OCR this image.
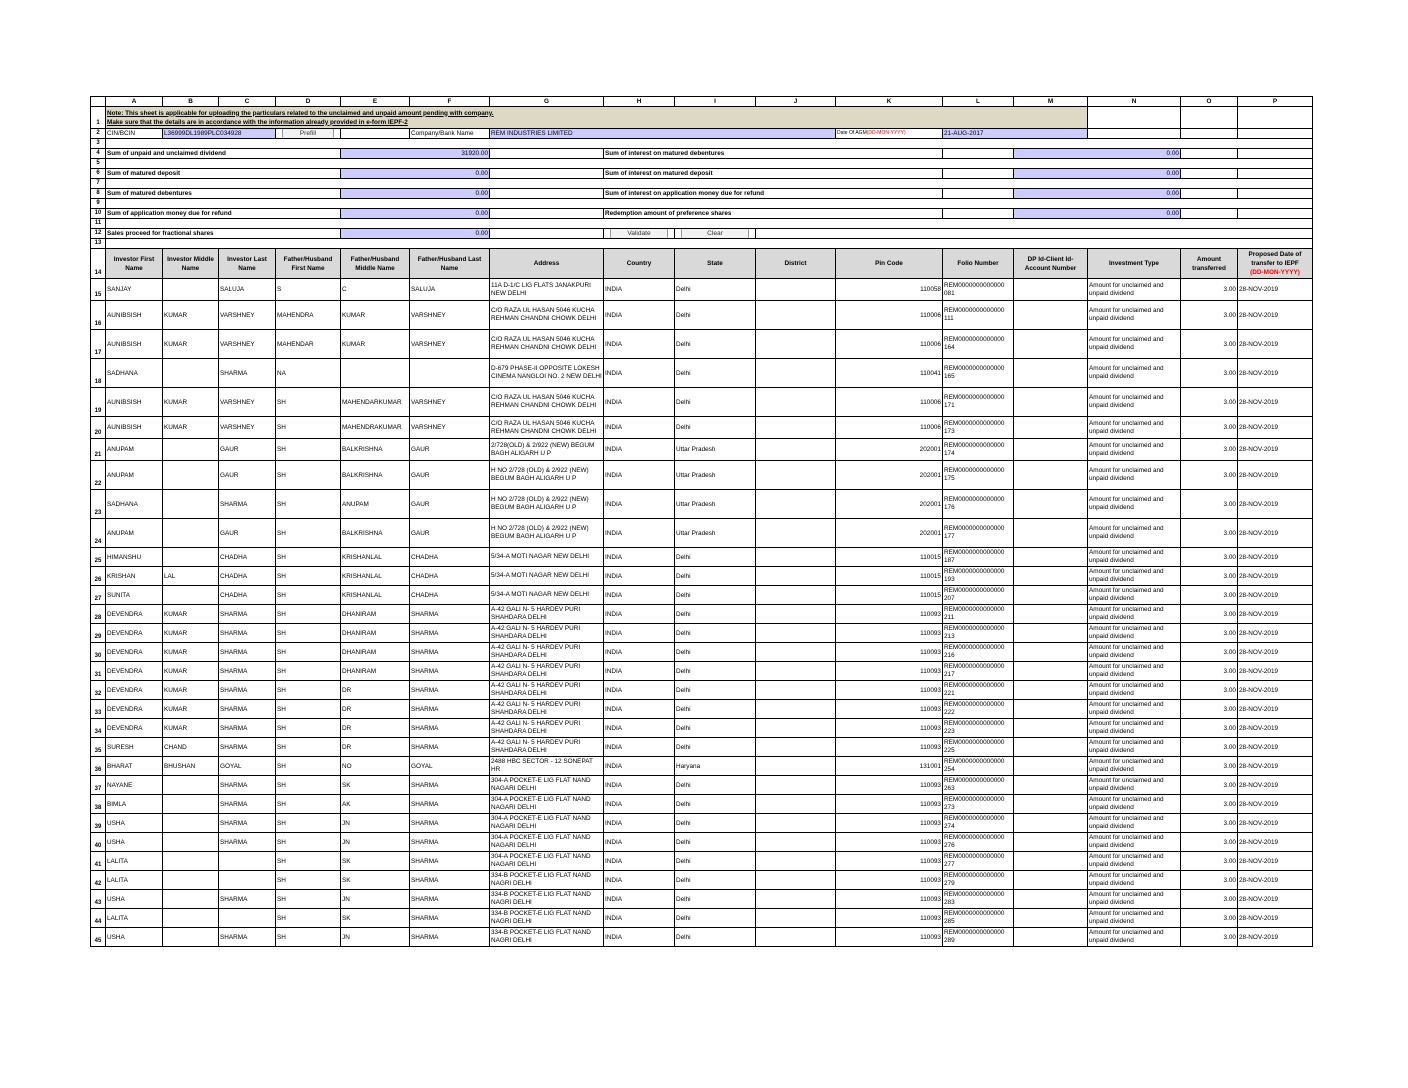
	A	B	C	D	E	F	G	H	I	J	K	L	M	N	O	P	
1	Note: This sheet is applicable for uploading the particulars related to the unclaimed and unpaid amount pending with company.
Make sure that the details are in accordance with the information already provided in e-form IEPF-2																

2	CIN/BCIN	L36999DL1989PLC034928		Prefill		Company/Bank Name	REM INDUSTRIES LIMITED				Date Of AGM(DD-MON-YYYY)	21-AUG-2017					
3																	
4	Sum of unpaid and unclaimed dividend				31920.00			Sum of interest on matured debentures					0.00				
5																	
6	Sum of matured deposit				0.00			Sum of interest on matured deposit					0.00				
7																	
8	Sum of matured debentures				0.00			Sum of interest on application money due for refund					0.00				
9																	
10	Sum of application money due for refund				0.00			Redemption amount of preference shares					0.00				
11																	
12	Sales proceed for fractional shares				0.00			Validate	Clear								

13																	
14	Investor First Name	Investor Middle Name	Investor Last Name	Father/Husband First Name	Father/Husband Middle Name	Father/Husband Last Name	Address	Country	State	District	Pin Code	Folio Number	DP Id-Client Id-Account Number	Investment Type	Amount transferred	Proposed Date of transfer to IEPF
(DD-MON-YYYY)	

15	SANJAY		SALUJA	S	C	SALUJA	11A D-1/C LIG FLATS JANAKPURI NEW DELHI	INDIA	Delhi		110058	REM0000000000000 081		Amount for unclaimed and unpaid dividend	3.00	28-NOV-2019	
16	AUNIBSISH	KUMAR	VARSHNEY	MAHENDRA	KUMAR	VARSHNEY	C/O RAZA UL HASAN 5046 KUCHA REHMAN CHANDNI CHOWK DELHI	INDIA	Delhi		110006	REM0000000000000 111		Amount for unclaimed and unpaid dividend	3.00	28-NOV-2019	
17	AUNIBSISH	KUMAR	VARSHNEY	MAHENDAR	KUMAR	VARSHNEY	C/O RAZA UL HASAN 5046 KUCHA REHMAN CHANDNI CHOWK DELHI	INDIA	Delhi		110006	REM0000000000000 164		Amount for unclaimed and unpaid dividend	3.00	28-NOV-2019	
18	SADHANA		SHARMA	NA			D-679 PHASE-II OPPOSITE LOKESH CINEMA NANGLOI NO. 2 NEW DELHI	INDIA	Delhi		110041	REM0000000000000 165		Amount for unclaimed and unpaid dividend	3.00	28-NOV-2019	
19	AUNIBSISH	KUMAR	VARSHNEY	SH	MAHENDARKUMAR	VARSHNEY	C/O RAZA UL HASAN 5046 KUCHA REHMAN CHANDNI CHOWK DELHI	INDIA	Delhi		110006	REM0000000000000 171		Amount for unclaimed and unpaid dividend	3.00	28-NOV-2019	
20	AUNIBSISH	KUMAR	VARSHNEY	SH	MAHENDRAKUMAR	VARSHNEY	C/O RAZA UL HASAN 5046 KUCHA REHMAN CHANDNI CHOWK DELHI	INDIA	Delhi		110006	REM0000000000000 173		Amount for unclaimed and unpaid dividend	3.00	28-NOV-2019	
21	ANUPAM		GAUR	SH	BALKRISHNA	GAUR	2/728(OLD) & 2/922 (NEW) BEGUM BAGH ALIGARH U P	INDIA	Uttar Pradesh		202001	REM0000000000000 174		Amount for unclaimed and unpaid dividend	3.00	28-NOV-2019	
22	ANUPAM		GAUR	SH	BALKRISHNA	GAUR	H NO 2/728 (OLD) & 2/922 (NEW) BEGUM BAGH ALIGARH U P	INDIA	Uttar Pradesh		202001	REM0000000000000 175		Amount for unclaimed and unpaid dividend	3.00	28-NOV-2019	
23	SADHANA		SHARMA	SH	ANUPAM	GAUR	H NO 2/728 (OLD) & 2/922 (NEW) BEGUM BAGH ALIGARH U P	INDIA	Uttar Pradesh		202001	REM0000000000000 176		Amount for unclaimed and unpaid dividend	3.00	28-NOV-2019	
24	ANUPAM		GAUR	SH	BALKRISHNA	GAUR	H NO 2/728 (OLD) & 2/922 (NEW) BEGUM BAGH ALIGARH U P	INDIA	Uttar Pradesh		202001	REM0000000000000 177		Amount for unclaimed and unpaid dividend	3.00	28-NOV-2019	
25	HIMANSHU		CHADHA	SH	KRISHANLAL	CHADHA	5/34-A MOTI NAGAR NEW DELHI	INDIA	Delhi		110015	REM0000000000000 187		Amount for unclaimed and unpaid dividend	3.00	28-NOV-2019	
26	KRISHAN	LAL	CHADHA	SH	KRISHANLAL	CHADHA	5/34-A MOTI NAGAR NEW DELHI	INDIA	Delhi		110015	REM0000000000000 193		Amount for unclaimed and unpaid dividend	3.00	28-NOV-2019	
27	SUNITA		CHADHA	SH	KRISHANLAL	CHADHA	5/34-A MOTI NAGAR NEW DELHI	INDIA	Delhi		110015	REM0000000000000 207		Amount for unclaimed and unpaid dividend	3.00	28-NOV-2019	
28	DEVENDRA	KUMAR	SHARMA	SH	DHANIRAM	SHARMA	A-42 GALI N- 5 HARDEV PURI SHAHDARA DELHI	INDIA	Delhi		110093	REM0000000000000 211		Amount for unclaimed and unpaid dividend	3.00	28-NOV-2019	
29	DEVENDRA	KUMAR	SHARMA	SH	DHANIRAM	SHARMA	A-42 GALI N- 5 HARDEV PURI SHAHDARA DELHI	INDIA	Delhi		110093	REM0000000000000 213		Amount for unclaimed and unpaid dividend	3.00	28-NOV-2019	
30	DEVENDRA	KUMAR	SHARMA	SH	DHANIRAM	SHARMA	A-42 GALI N- 5 HARDEV PURI SHAHDARA DELHI	INDIA	Delhi		110093	REM0000000000000 216		Amount for unclaimed and unpaid dividend	3.00	28-NOV-2019	
31	DEVENDRA	KUMAR	SHARMA	SH	DHANIRAM	SHARMA	A-42 GALI N- 5 HARDEV PURI SHAHDARA DELHI	INDIA	Delhi		110093	REM0000000000000 217		Amount for unclaimed and unpaid dividend	3.00	28-NOV-2019	
32	DEVENDRA	KUMAR	SHARMA	SH	DR	SHARMA	A-42 GALI N- 5 HARDEV PURI SHAHDARA DELHI	INDIA	Delhi		110093	REM0000000000000 221		Amount for unclaimed and unpaid dividend	3.00	28-NOV-2019	
33	DEVENDRA	KUMAR	SHARMA	SH	DR	SHARMA	A-42 GALI N- 5 HARDEV PURI SHAHDARA DELHI	INDIA	Delhi		110093	REM0000000000000 222		Amount for unclaimed and unpaid dividend	3.00	28-NOV-2019	
34	DEVENDRA	KUMAR	SHARMA	SH	DR	SHARMA	A-42 GALI N- 5 HARDEV PURI SHAHDARA DELHI	INDIA	Delhi		110093	REM0000000000000 223		Amount for unclaimed and unpaid dividend	3.00	28-NOV-2019	
35	SURESH	CHAND	SHARMA	SH	DR	SHARMA	A-42 GALI N- 5 HARDEV PURI SHAHDARA DELHI	INDIA	Delhi		110093	REM0000000000000 225		Amount for unclaimed and unpaid dividend	3.00	28-NOV-2019	
36	BHARAT	BHUSHAN	GOYAL	SH	NO	GOYAL	2488 HBC SECTOR - 12 SONEPAT HR	INDIA	Haryana		131001	REM0000000000000 254		Amount for unclaimed and unpaid dividend	3.00	28-NOV-2019	
37	NAYANE		SHARMA	SH	SK	SHARMA	304-A POCKET-E LIG FLAT NAND NAGARI DELHI	INDIA	Delhi		110093	REM0000000000000 263		Amount for unclaimed and unpaid dividend	3.00	28-NOV-2019	
38	BIMLA		SHARMA	SH	AK	SHARMA	304-A POCKET-E LIG FLAT NAND NAGARI DELHI	INDIA	Delhi		110093	REM0000000000000 273		Amount for unclaimed and unpaid dividend	3.00	28-NOV-2019	
39	USHA		SHARMA	SH	JN	SHARMA	304-A POCKET-E LIG FLAT NAND NAGARI DELHI	INDIA	Delhi		110093	REM0000000000000 274		Amount for unclaimed and unpaid dividend	3.00	28-NOV-2019	
40	USHA		SHARMA	SH	JN	SHARMA	304-A POCKET-E LIG FLAT NAND NAGARI DELHI	INDIA	Delhi		110093	REM0000000000000 276		Amount for unclaimed and unpaid dividend	3.00	28-NOV-2019	
41	LALITA			SH	SK	SHARMA	304-A POCKET-E LIG FLAT NAND NAGARI DELHI	INDIA	Delhi		110093	REM0000000000000 277		Amount for unclaimed and unpaid dividend	3.00	28-NOV-2019	
42	LALITA			SH	SK	SHARMA	334-B POCKET-E LIG FLAT NAND NAGRI DELHI	INDIA	Delhi		110093	REM0000000000000 279		Amount for unclaimed and unpaid dividend	3.00	28-NOV-2019	
43	USHA		SHARMA	SH	JN	SHARMA	334-B POCKET-E LIG FLAT NAND NAGRI DELHI	INDIA	Delhi		110093	REM0000000000000 283		Amount for unclaimed and unpaid dividend	3.00	28-NOV-2019	
44	LALITA			SH	SK	SHARMA	334-B POCKET-E LIG FLAT NAND NAGRI DELHI	INDIA	Delhi		110093	REM0000000000000 285		Amount for unclaimed and unpaid dividend	3.00	28-NOV-2019	
45	USHA		SHARMA	SH	JN	SHARMA	334-B POCKET-E LIG FLAT NAND NAGRI DELHI	INDIA	Delhi		110093	REM0000000000000 289		Amount for unclaimed and unpaid dividend	3.00	28-NOV-2019	
